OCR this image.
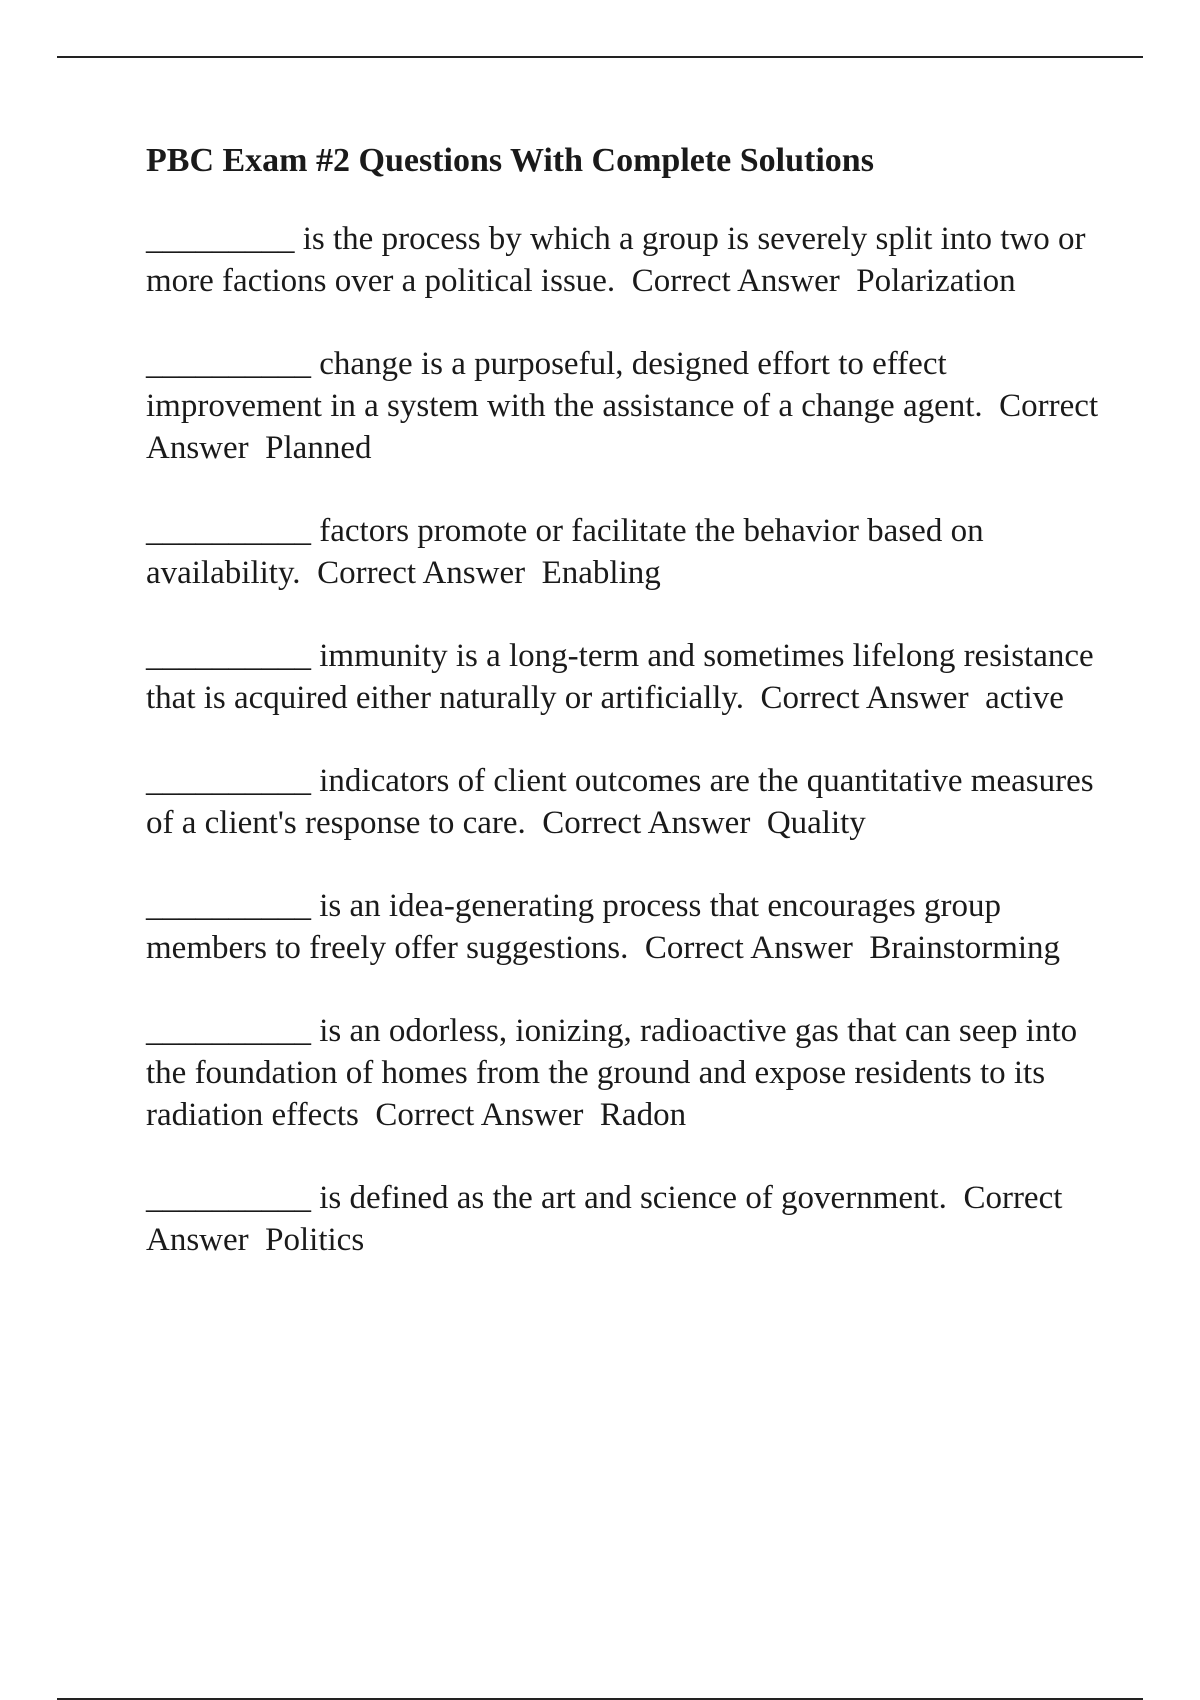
PBC Exam #2 Questions With Complete Solutions

_________ is the process by which a group is severely split into two or more factions over a political issue. Correct Answer Polarization

__________ change is a purposeful, designed effort to effect improvement in a system with the assistance of a change agent. Correct Answer Planned

__________ factors promote or facilitate the behavior based on availability. Correct Answer Enabling

__________ immunity is a long-term and sometimes lifelong resistance that is acquired either naturally or artificially. Correct Answer active

__________ indicators of client outcomes are the quantitative measures of a client's response to care. Correct Answer Quality

__________ is an idea-generating process that encourages group members to freely offer suggestions. Correct Answer Brainstorming

__________ is an odorless, ionizing, radioactive gas that can seep into the foundation of homes from the ground and expose residents to its radiation effects Correct Answer Radon

__________ is defined as the art and science of government. Correct Answer Politics
